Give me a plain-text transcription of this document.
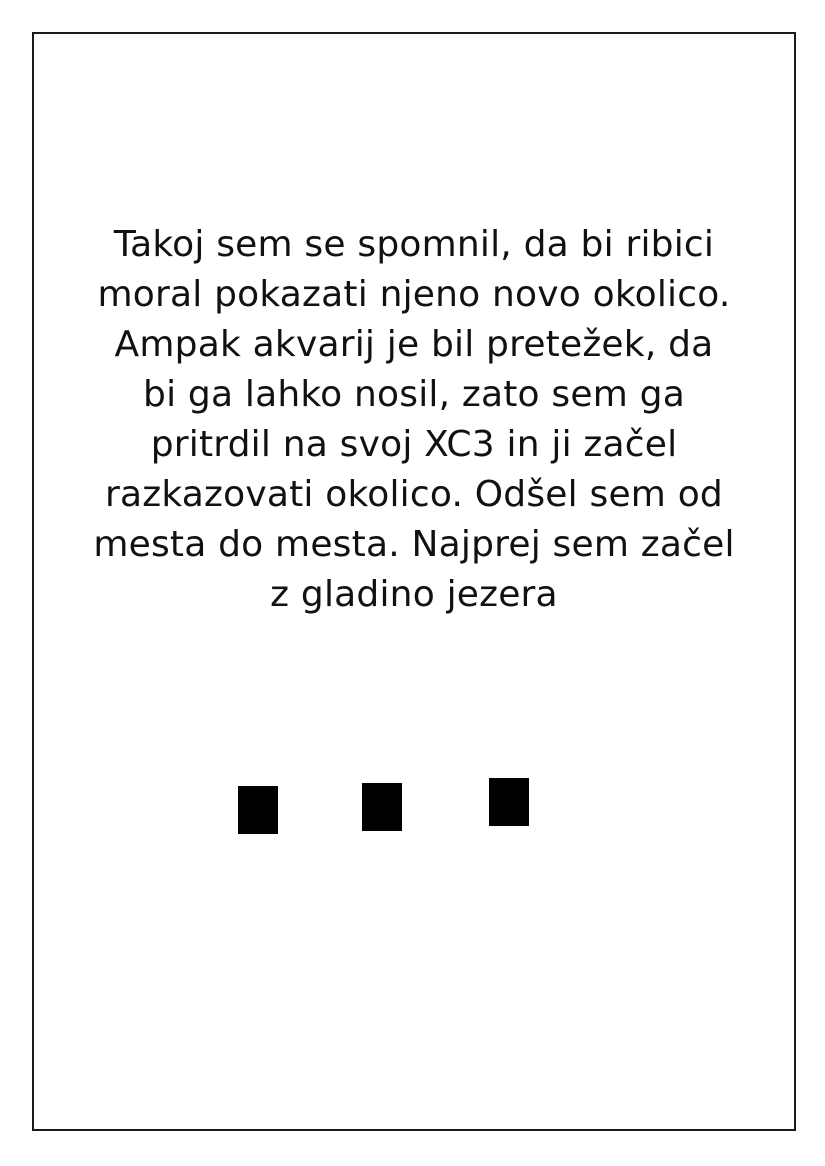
Takoj sem se spomnil, da bi ribici
moral pokazati njeno novo okolico.
Ampak akvarij je bil pretežek, da
bi ga lahko nosil, zato sem ga
pritrdil na svoj XC3 in ji začel
razkazovati okolico. Odšel sem od
mesta do mesta. Najprej sem začel
z gladino jezera
